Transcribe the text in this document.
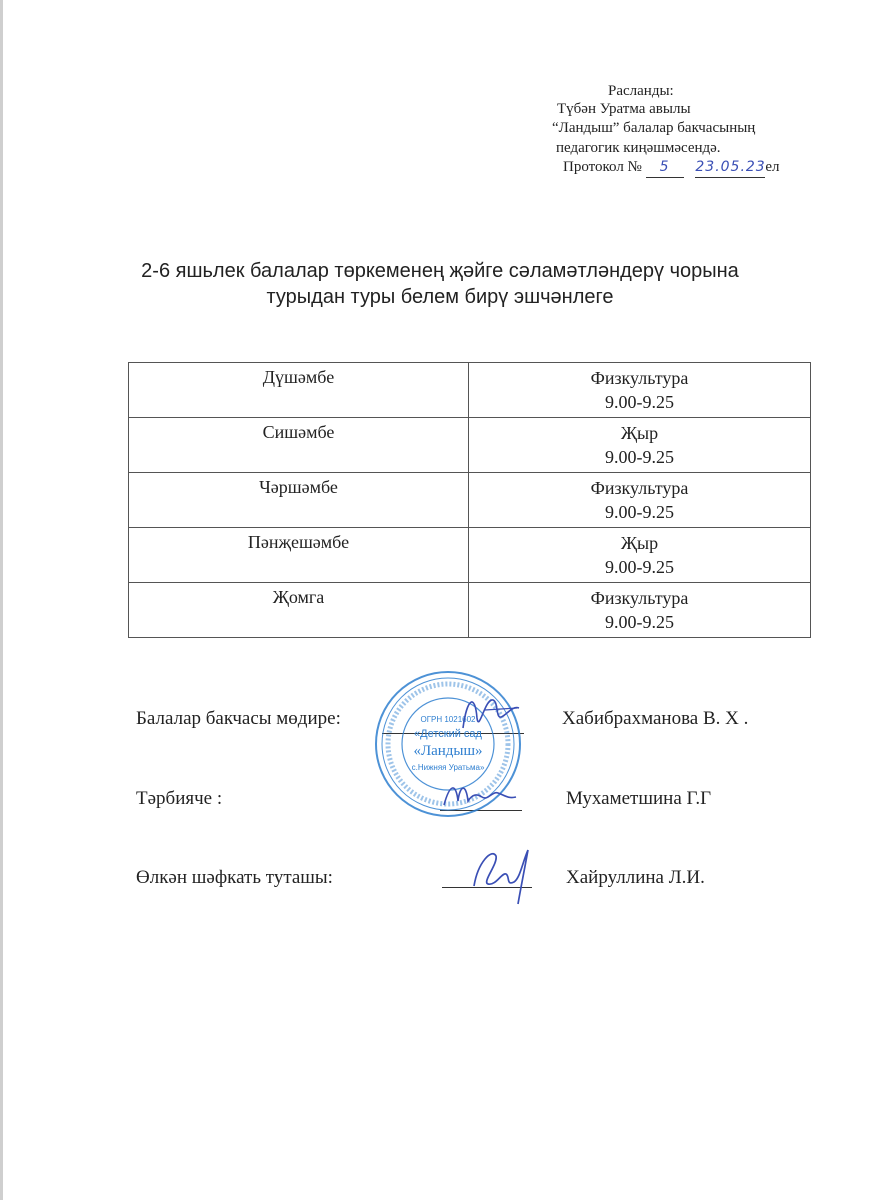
Расланды:
Түбән Уратма авылы
“Ландыш” балалар бакчасының
педагогик киңәшмәсендә.
Протокол № 5 23.05.23ел
2-6 яшьлек балалар төркеменең җәйге сәламәтләндерү чорына
турыдан туры белем бирү эшчәнлеге
Дүшәмбе	Физкультура
9.00-9.25

Сишәмбе	Җыр
9.00-9.25

Чәршәмбе	Физкультура
9.00-9.25

Пәнҗешәмбе	Җыр
9.00-9.25

Җомга	Физкультура
9.00-9.25
Балалар бакчасы мөдире:	Хабибрахманова В. Х .
Тәрбияче :	Мухаметшина Г.Г
Өлкән шәфкать туташы:	Хайруллина Л.И.
ОГРН 1021602
«Детский сад
«Ландыш»
с.Нижняя Уратьма»
